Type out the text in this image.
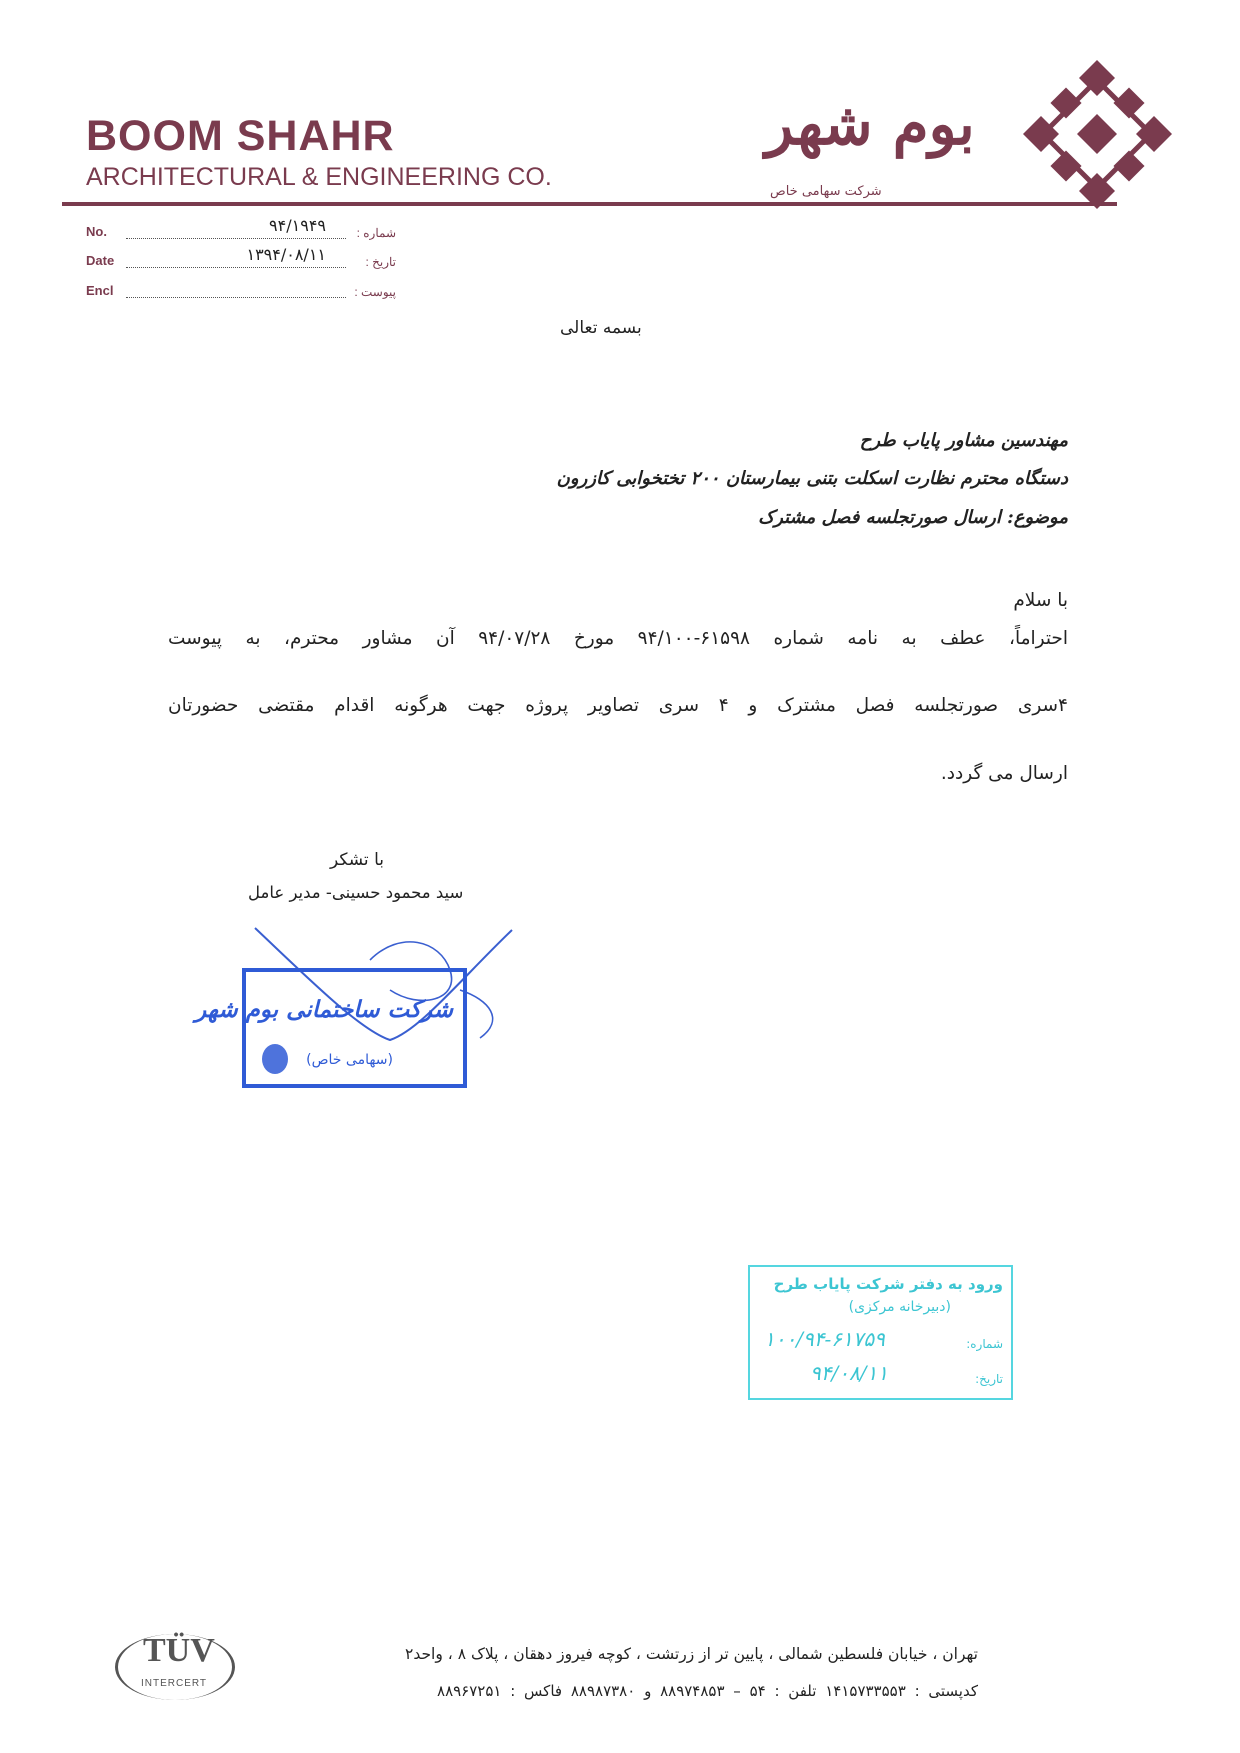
BOOM SHAHR
ARCHITECTURAL & ENGINEERING CO.
بوم شهر
شرکت سهامی خاص
No.	۹۴/۱۹۴۹	شماره :
Date	۱۳۹۴/۰۸/۱۱	تاریخ :
Encl	پیوست :
بسمه تعالی
مهندسین مشاور پایاب طرح
دستگاه محترم نظارت اسکلت بتنی بیمارستان ۲۰۰ تختخوابی کازرون
موضوع: ارسال صورتجلسه فصل مشترک
با سلام
احتراماً، عطف به نامه شماره ۶۱۵۹۸-۹۴/۱۰۰ مورخ ۹۴/۰۷/۲۸ آن مشاور محترم، به پیوست
۴سری صورتجلسه فصل مشترک و ۴ سری تصاویر پروژه جهت هرگونه اقدام مقتضی حضورتان
ارسال می گردد.
با تشکر
سید محمود حسینی- مدیر عامل
شرکت ساختمانی بوم شهر
(سهامی خاص)
ورود به دفتر شرکت پایاب طرح
(دبیرخانه مرکزی)
شماره:
۱۰۰/۹۴-۶۱۷۵۹
تاریخ:
۹۴/۰۸/۱۱
TÜV
INTERCERT
تهران ، خیابان فلسطین شمالی ، پایین تر از زرتشت ، کوچه فیروز دهقان ، پلاک ۸ ، واحد۲
کدپستی : ۱۴۱۵۷۳۳۵۵۳ تلفن : ۵۴ – ۸۸۹۷۴۸۵۳ و ۸۸۹۸۷۳۸۰ فاکس : ۸۸۹۶۷۲۵۱
